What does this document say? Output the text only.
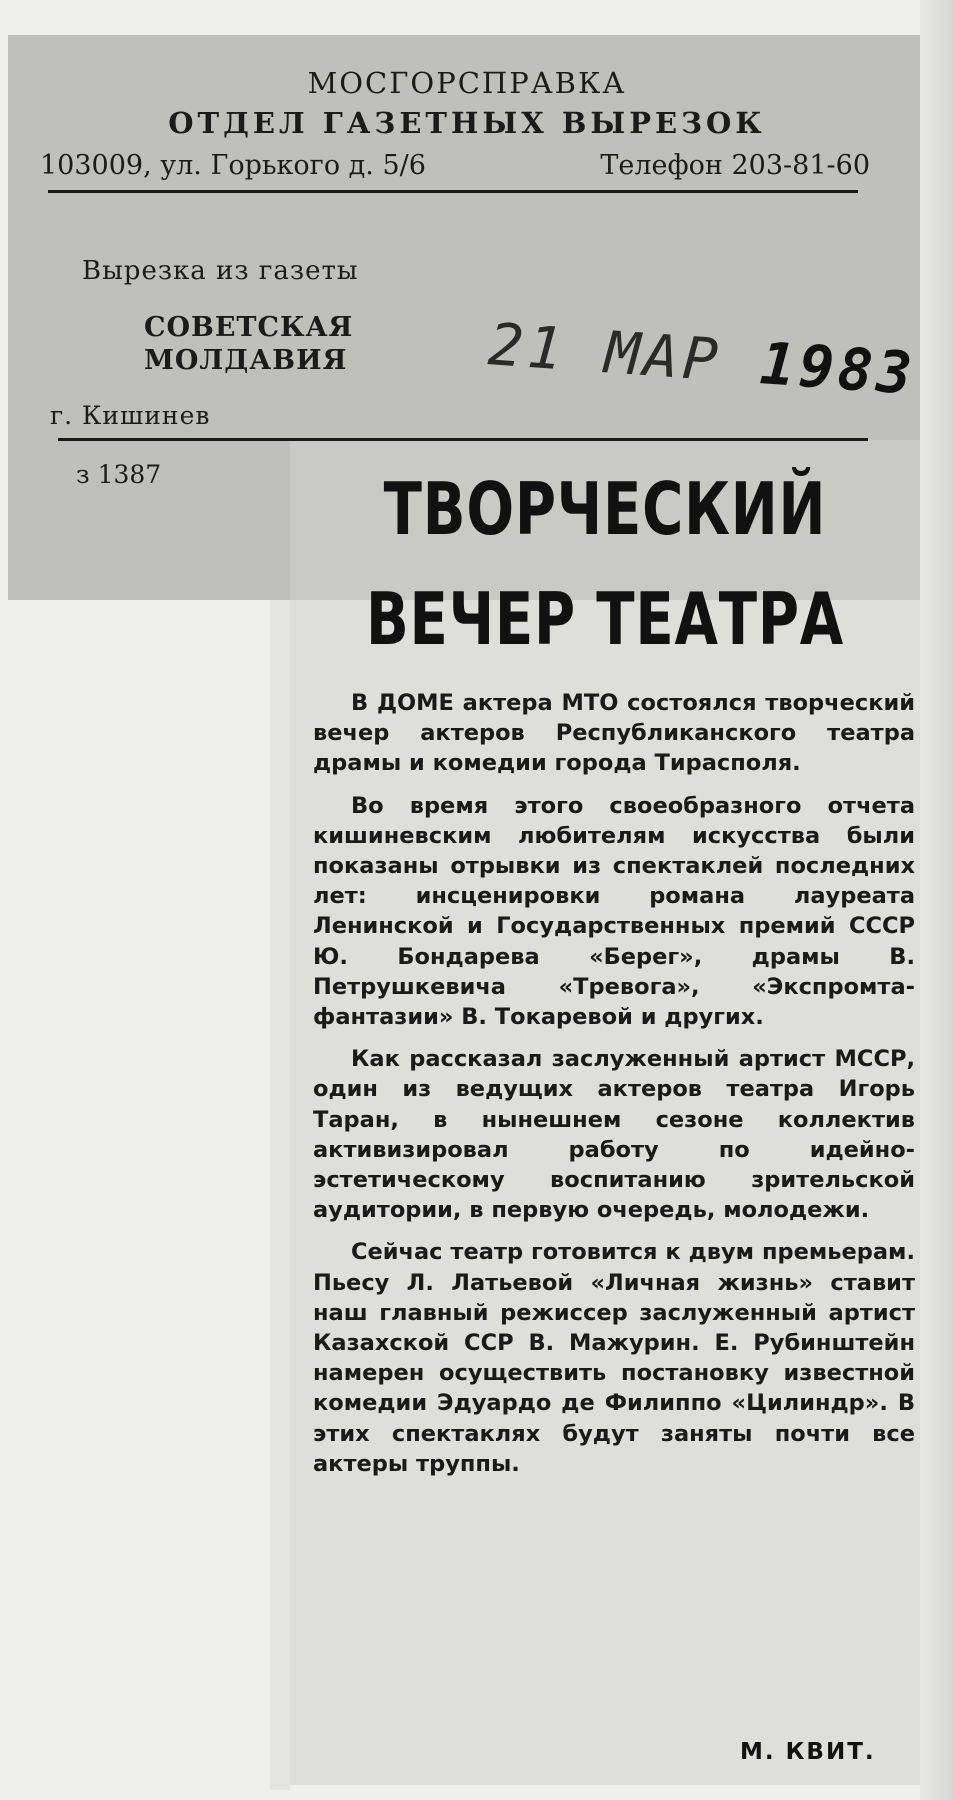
МОСГОРСПРАВКА
ОТДЕЛ ГАЗЕТНЫХ ВЫРЕЗОК
103009, ул. Горького д. 5/6	Телефон 203-81-60
Вырезка из газеты
СОВЕТСКАЯ
МОЛДАВИЯ 21 МАР 1983
г. Кишинев
з 1387	ТВОРЧЕСКИЙ
ВЕЧЕР ТЕАТРА

В ДОМЕ актера МТО состоялся творческий вечер актеров Республиканского театра драмы и комедии города Тирасполя.

Во время этого своеобразного отчета кишиневским любителям искусства были показаны отрывки из спектаклей последних лет: инсценировки романа лауреата Ленинской и Государственных премий СССР Ю. Бондарева «Берег», драмы В. Петрушкевича «Тревога», «Экспромта-фантазии» В. Токаревой и других.

Как рассказал заслуженный артист МССР, один из ведущих актеров театра Игорь Таран, в нынешнем сезоне коллектив активизировал работу по идейно-эстетическому воспитанию зрительской аудитории, в первую очередь, молодежи.

Сейчас театр готовится к двум премьерам. Пьесу Л. Латьевой «Личная жизнь» ставит наш главный режиссер заслуженный артист Казахской ССР В. Мажурин. Е. Рубинштейн намерен осуществить постановку известной комедии Эдуардо де Филиппо «Цилиндр». В этих спектаклях будут заняты почти все актеры труппы.

М. КВИТ.
